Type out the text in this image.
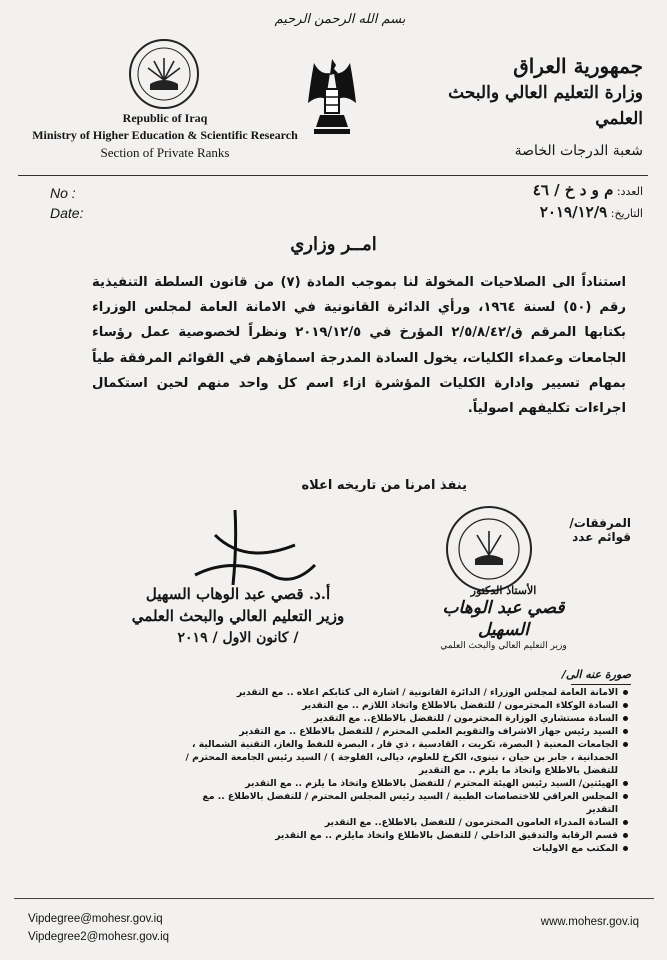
بسم الله الرحمن الرحيم
Republic of Iraq
Ministry of Higher Education & Scientific Research
Section of Private Ranks
جمهورية العراق
وزارة التعليم العالي والبحث العلمي
شعبة الدرجات الخاصة
No :
Date:
العدد: م و د خ / ٤٦
التاريخ: ٢٠١٩/١٢/٩
امــر وزاري
استناداً الى الصلاحيات المخولة لنا بموجب المادة (٧) من قانون السلطة التنفيذية رقم (٥٠) لسنة ١٩٦٤، ورأي الدائرة القانونية في الامانة العامة لمجلس الوزراء بكتابها المرقم ق/٢/٥/٨/٤٢ المؤرخ في ٢٠١٩/١٢/٥ ونظراً لخصوصية عمل رؤساء الجامعات وعمداء الكليات، يخول السادة المدرجة اسماؤهم في القوائم المرفقة طياً بمهام تسيير وادارة الكليات المؤشرة ازاء اسم كل واحد منهم لحين استكمال اجراءات تكليفهم اصولياً.
ينفذ امرنا من تاريخه اعلاه
المرفقات/
قوائم عدد
أ.د. قصي عبد الوهاب السهيل
وزير التعليم العالي والبحث العلمي
/ كانون الاول / ٢٠١٩
الأستاذ الدكتور
قصي عبد الوهاب السهيل
وزير التعليم العالي والبحث العلمي
صورة عنه الى/
الامانة العامة لمجلس الوزراء / الدائرة القانونية / اشارة الى كتابكم اعلاه .. مع التقدير
السادة الوكلاء المحترمون / للتفضل بالاطلاع واتخاذ اللازم .. مع التقدير
السادة مستشاري الوزارة المحترمون / للتفضل بالاطلاع.. مع التقدير
السيد رئيس جهاز الاشراف والتقويم العلمي المحترم / للتفضل بالاطلاع .. مع التقدير
الجامعات المعنية ( البصرة، تكريت ، القادسية ، ذي قار ، البصرة للنفط والغاز، التقنية الشمالية ، الحمدانية ، جابر بن حيان ، نينوى، الكرخ للعلوم، ديالى، الفلوجة ) / السيد رئيس الجامعة المحترم / للتفضل بالاطلاع واتخاذ ما يلزم .. مع التقدير
الهيئتين/ السيد رئيس الهيئة المحترم / للتفضل بالاطلاع واتخاذ ما يلزم .. مع التقدير
المجلس العراقي للاختصاصات الطبية / السيد رئيس المجلس المحترم / للتفضل بالاطلاع .. مع التقدير
السادة المدراء العامون المحترمون / للتفضل بالاطلاع.. مع التقدير
قسم الرقابة والتدقيق الداخلي / للتفضل بالاطلاع واتخاذ مايلزم .. مع التقدير
المكتب مع الاوليات
Vipdegree@mohesr.gov.iq
Vipdegree2@mohesr.gov.iq
www.mohesr.gov.iq
